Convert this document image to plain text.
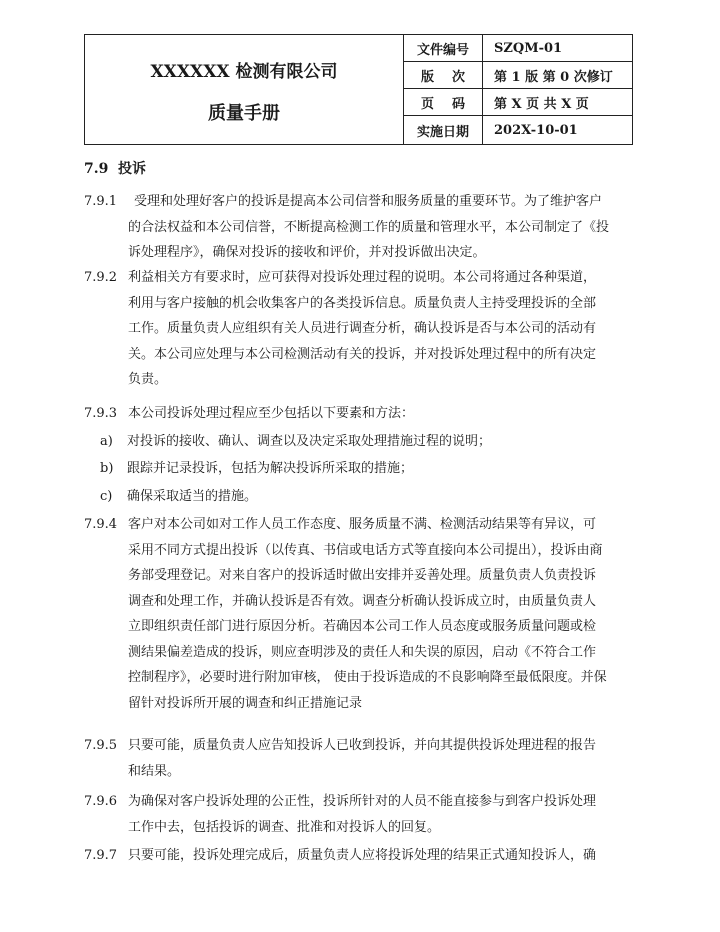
XXXXXX 检测有限公司
质量手册
文件编号	SZQM-01
版    次	第 1 版 第 0 次修订
页    码	第 X 页 共 X 页
实施日期	202X-10-01
7.9 投诉
7.9.1 受理和处理好客户的投诉是提高本公司信誉和服务质量的重要环节。为了维护客户
的合法权益和本公司信誉，不断提高检测工作的质量和管理水平，本公司制定了《投
诉处理程序》，确保对投诉的接收和评价，并对投诉做出决定。
7.9.2 利益相关方有要求时，应可获得对投诉处理过程的说明。本公司将通过各种渠道，
利用与客户接触的机会收集客户的各类投诉信息。质量负责人主持受理投诉的全部
工作。质量负责人应组织有关人员进行调查分析，确认投诉是否与本公司的活动有
关。本公司应处理与本公司检测活动有关的投诉，并对投诉处理过程中的所有决定
负责。
7.9.3 本公司投诉处理过程应至少包括以下要素和方法：
a) 对投诉的接收、确认、调查以及决定采取处理措施过程的说明；
b) 跟踪并记录投诉，包括为解决投诉所采取的措施；
c) 确保采取适当的措施。
7.9.4 客户对本公司如对工作人员工作态度、服务质量不满、检测活动结果等有异议，可
采用不同方式提出投诉（以传真、书信或电话方式等直接向本公司提出），投诉由商
务部受理登记。对来自客户的投诉适时做出安排并妥善处理。质量负责人负责投诉
调查和处理工作，并确认投诉是否有效。调查分析确认投诉成立时，由质量负责人
立即组织责任部门进行原因分析。若确因本公司工作人员态度或服务质量问题或检
测结果偏差造成的投诉，则应查明涉及的责任人和失误的原因，启动《不符合工作
控制程序》，必要时进行附加审核， 使由于投诉造成的不良影响降至最低限度。并保
留针对投诉所开展的调查和纠正措施记录
7.9.5 只要可能，质量负责人应告知投诉人已收到投诉，并向其提供投诉处理进程的报告
和结果。
7.9.6 为确保对客户投诉处理的公正性，投诉所针对的人员不能直接参与到客户投诉处理
工作中去，包括投诉的调查、批准和对投诉人的回复。
7.9.7 只要可能，投诉处理完成后，质量负责人应将投诉处理的结果正式通知投诉人，确
